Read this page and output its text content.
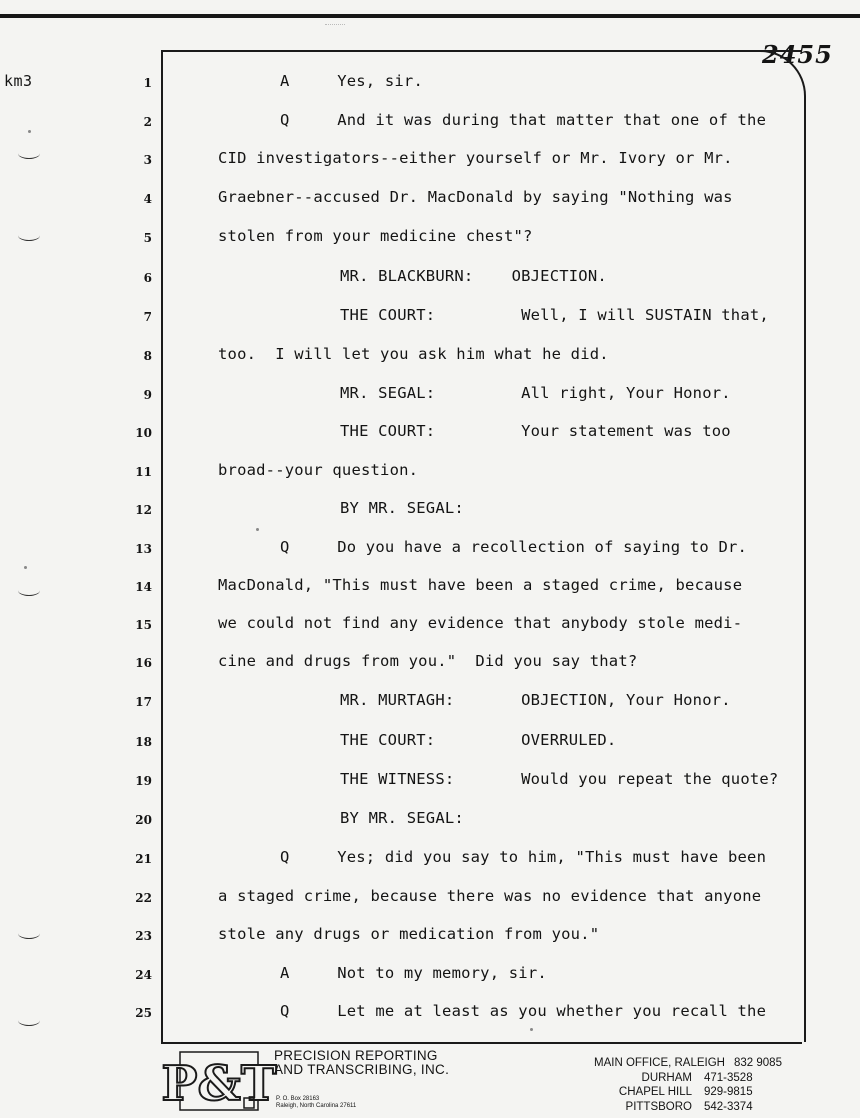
km3
2455
1
2
3
4
5
6
7
8
9
10
11
12
13
14
15
16
17
18
19
20
21
22
23
24
25
A     Yes, sir.
Q     And it was during that matter that one of the
CID investigators--either yourself or Mr. Ivory or Mr.
Graebner--accused Dr. MacDonald by saying "Nothing was
stolen from your medicine chest"?
MR. BLACKBURN:    OBJECTION.
THE COURT:         Well, I will SUSTAIN that,
too.  I will let you ask him what he did.
MR. SEGAL:         All right, Your Honor.
THE COURT:         Your statement was too
broad--your question.
BY MR. SEGAL:
Q     Do you have a recollection of saying to Dr.
MacDonald, "This must have been a staged crime, because
we could not find any evidence that anybody stole medi-
cine and drugs from you."  Did you say that?
MR. MURTAGH:       OBJECTION, Your Honor.
THE COURT:         OVERRULED.
THE WITNESS:       Would you repeat the quote?
BY MR. SEGAL:
Q     Yes; did you say to him, "This must have been
a staged crime, because there was no evidence that anyone
stole any drugs or medication from you."
A     Not to my memory, sir.
Q     Let me at least as you whether you recall the
P&T
PRECISION REPORTING
AND TRANSCRIBING, INC.
P. O. Box 28163
Raleigh, North Carolina 27611
MAIN OFFICE, RALEIGH 832 9085
DURHAM 471-3528
CHAPEL HILL 929-9815
PITTSBORO 542-3374
